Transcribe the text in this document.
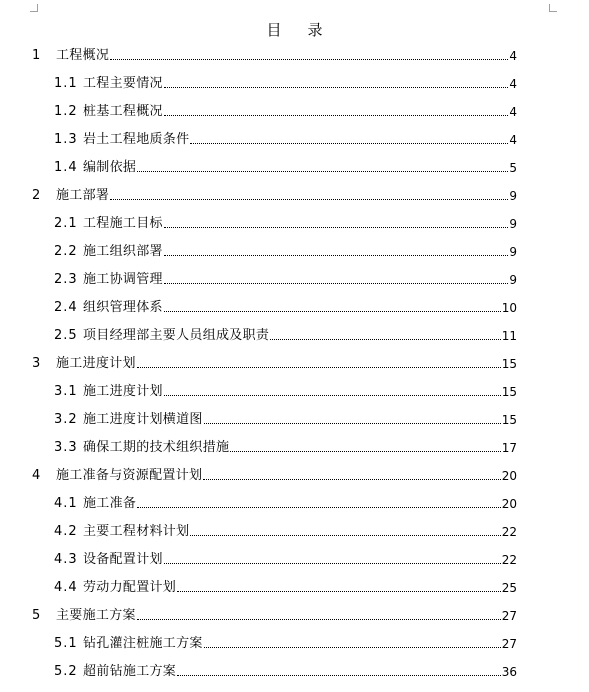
目 录
1	工程概况	4
1.1 工程主要情况	4
1.2 桩基工程概况	4
1.3 岩土工程地质条件	4
1.4 编制依据	5
2	施工部署	9
2.1 工程施工目标	9
2.2 施工组织部署	9
2.3 施工协调管理	9
2.4 组织管理体系	10
2.5 项目经理部主要人员组成及职责	11
3	施工进度计划	15
3.1 施工进度计划	15
3.2 施工进度计划横道图	15
3.3 确保工期的技术组织措施	17
4	施工准备与资源配置计划	20
4.1 施工准备	20
4.2 主要工程材料计划	22
4.3 设备配置计划	22
4.4 劳动力配置计划	25
5	主要施工方案	27
5.1 钻孔灌注桩施工方案	27
5.2 超前钻施工方案	36
